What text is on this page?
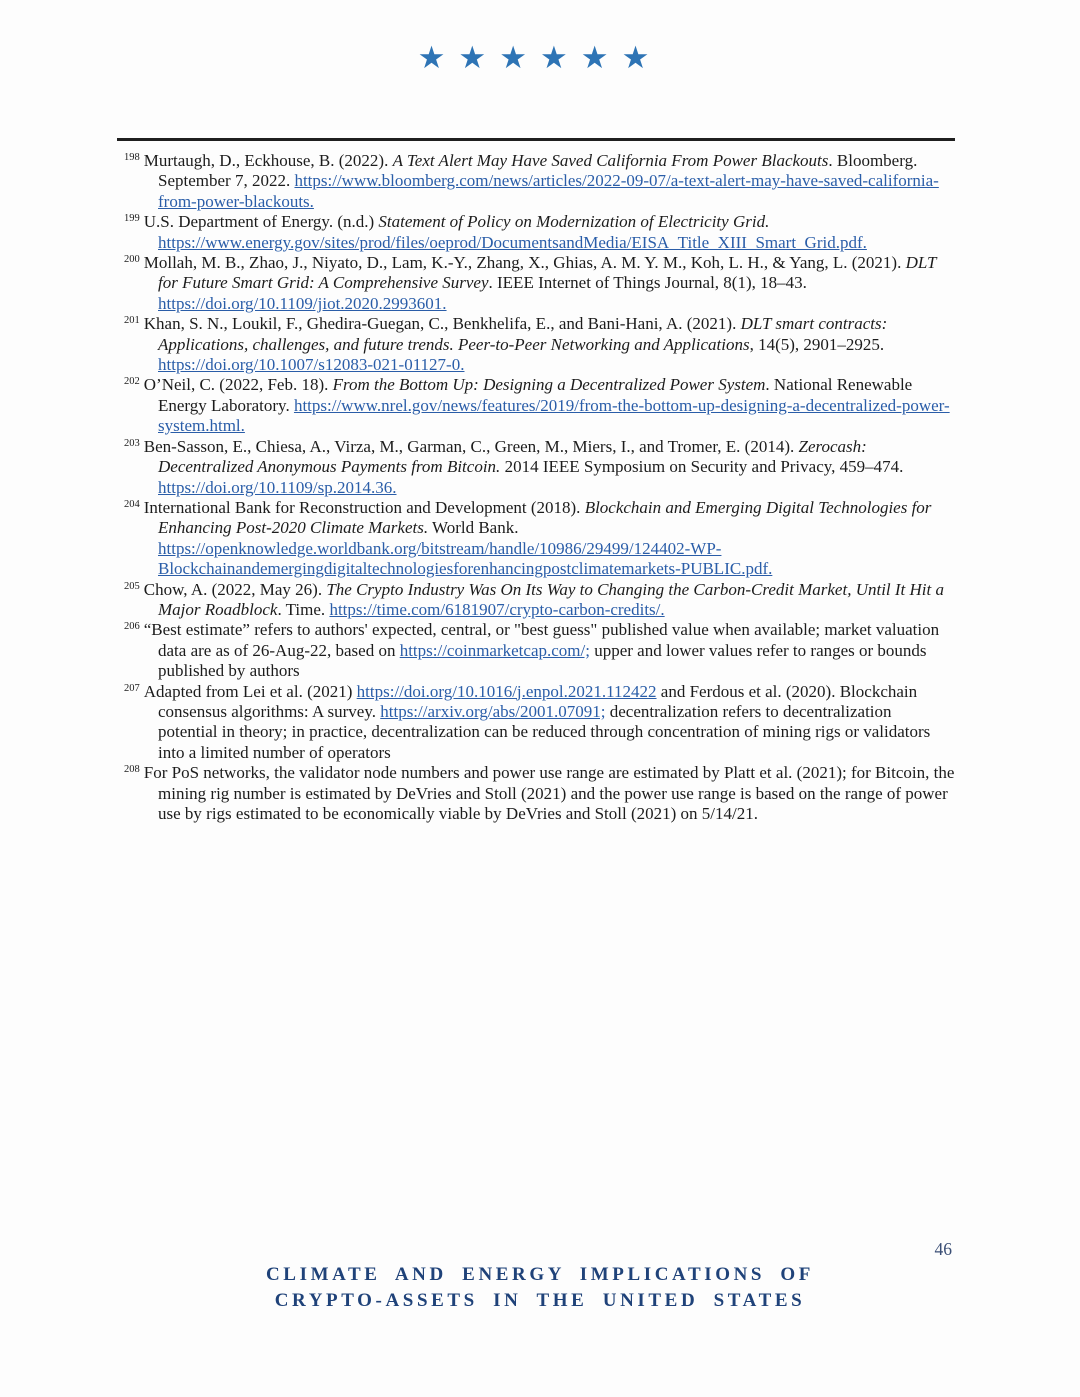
★★★★★★
$^{198}$ Murtaugh, D., Eckhouse, B. (2022). A Text Alert May Have Saved California From Power Blackouts. Bloomberg. September 7, 2022. https://www.bloomberg.com/news/articles/2022-09-07/a-text-alert-may-have-saved-california-from-power-blackouts.
$^{199}$ U.S. Department of Energy. (n.d.) Statement of Policy on Modernization of Electricity Grid. https://www.energy.gov/sites/prod/files/oeprod/DocumentsandMedia/EISA_Title_XIII_Smart_Grid.pdf.
$^{200}$ Mollah, M. B., Zhao, J., Niyato, D., Lam, K.-Y., Zhang, X., Ghias, A. M. Y. M., Koh, L. H., & Yang, L. (2021). DLT for Future Smart Grid: A Comprehensive Survey. IEEE Internet of Things Journal, 8(1), 18–43. https://doi.org/10.1109/jiot.2020.2993601.
$^{201}$ Khan, S. N., Loukil, F., Ghedira-Guegan, C., Benkhelifa, E., and Bani-Hani, A. (2021). DLT smart contracts: Applications, challenges, and future trends. Peer-to-Peer Networking and Applications, 14(5), 2901–2925. https://doi.org/10.1007/s12083-021-01127-0.
$^{202}$ O’Neil, C. (2022, Feb. 18). From the Bottom Up: Designing a Decentralized Power System. National Renewable Energy Laboratory. https://www.nrel.gov/news/features/2019/from-the-bottom-up-designing-a-decentralized-power-system.html.
$^{203}$ Ben-Sasson, E., Chiesa, A., Virza, M., Garman, C., Green, M., Miers, I., and Tromer, E. (2014). Zerocash: Decentralized Anonymous Payments from Bitcoin. 2014 IEEE Symposium on Security and Privacy, 459–474. https://doi.org/10.1109/sp.2014.36.
$^{204}$ International Bank for Reconstruction and Development (2018). Blockchain and Emerging Digital Technologies for Enhancing Post-2020 Climate Markets. World Bank. https://openknowledge.worldbank.org/bitstream/handle/10986/29499/124402-WP-Blockchainandemergingdigitaltechnologiesforenhancingpostclimatemarkets-PUBLIC.pdf.
$^{205}$ Chow, A. (2022, May 26). The Crypto Industry Was On Its Way to Changing the Carbon-Credit Market, Until It Hit a Major Roadblock. Time. https://time.com/6181907/crypto-carbon-credits/.
$^{206}$ “Best estimate” refers to authors' expected, central, or "best guess" published value when available; market valuation data are as of 26-Aug-22, based on https://coinmarketcap.com/; upper and lower values refer to ranges or bounds published by authors
$^{207}$ Adapted from Lei et al. (2021) https://doi.org/10.1016/j.enpol.2021.112422 and Ferdous et al. (2020). Blockchain consensus algorithms: A survey. https://arxiv.org/abs/2001.07091; decentralization refers to decentralization potential in theory; in practice, decentralization can be reduced through concentration of mining rigs or validators into a limited number of operators
$^{208}$ For PoS networks, the validator node numbers and power use range are estimated by Platt et al. (2021); for Bitcoin, the mining rig number is estimated by DeVries and Stoll (2021) and the power use range is based on the range of power use by rigs estimated to be economically viable by DeVries and Stoll (2021) on 5/14/21.
46
CLIMATE AND ENERGY IMPLICATIONS OF
CRYPTO-ASSETS IN THE UNITED STATES
